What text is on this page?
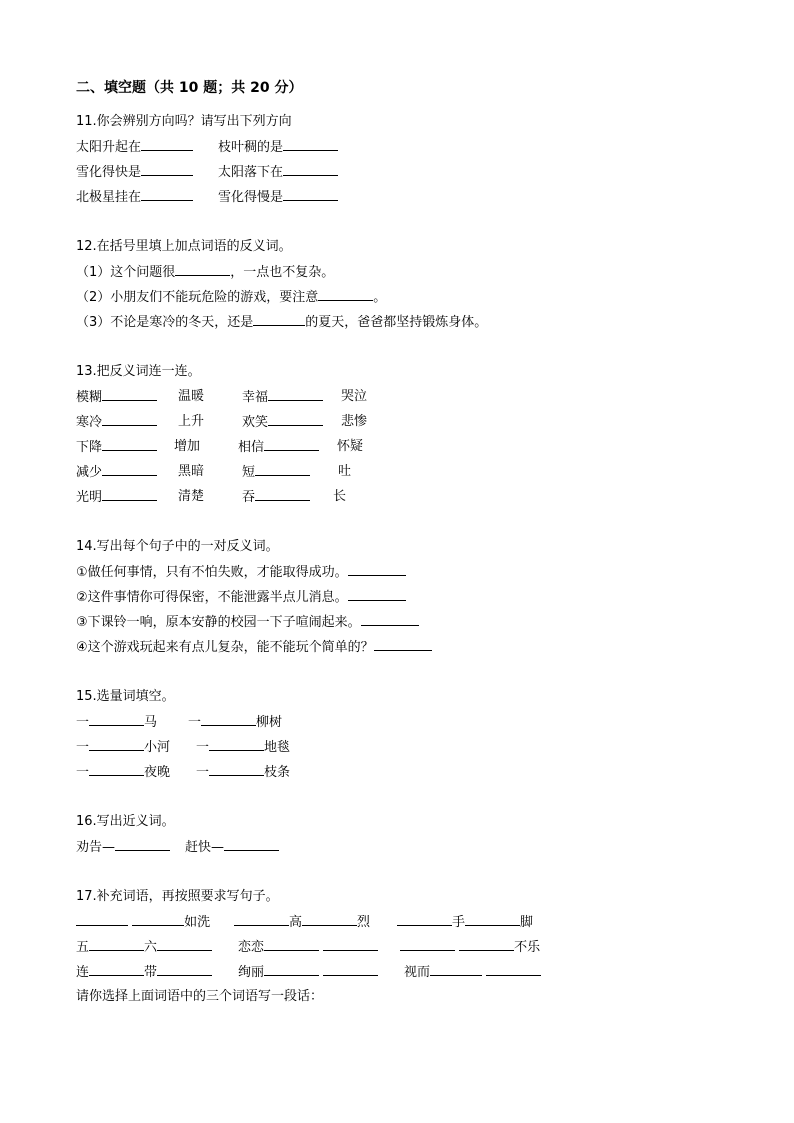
二、填空题（共 10 题；共 20 分）
11.你会辨别方向吗？请写出下列方向
太阳升起在	枝叶稠的是
雪化得快是	太阳落下在
北极星挂在	雪化得慢是
12.在括号里填上加点词语的反义词。
（1）这个问题很	，一点也不复杂。
（2）小朋友们不能玩危险的游戏，要注意	。
（3）不论是寒冷的冬天，还是	的夏天，爸爸都坚持锻炼身体。
13.把反义词连一连。
模糊	温暖	幸福	哭泣
寒冷	上升	欢笑	悲惨
下降	增加	相信	怀疑
减少	黑暗	短	吐
光明	清楚	吞	长
14.写出每个句子中的一对反义词。
①做任何事情，只有不怕失败，才能取得成功。
②这件事情你可得保密，不能泄露半点儿消息。
③下课铃一响，原本安静的校园一下子喧闹起来。
④这个游戏玩起来有点儿复杂，能不能玩个简单的？
15.选量词填空。
一	马 一	柳树
一	小河 一	地毯
一	夜晚 一	枝条
16.写出近义词。
劝告—	赶快—
17.补充词语，再按照要求写句子。
如洗	高	烈	手	脚
五	六	恋恋	不乐
连	带	绚丽	视而
请你选择上面词语中的三个词语写一段话：
